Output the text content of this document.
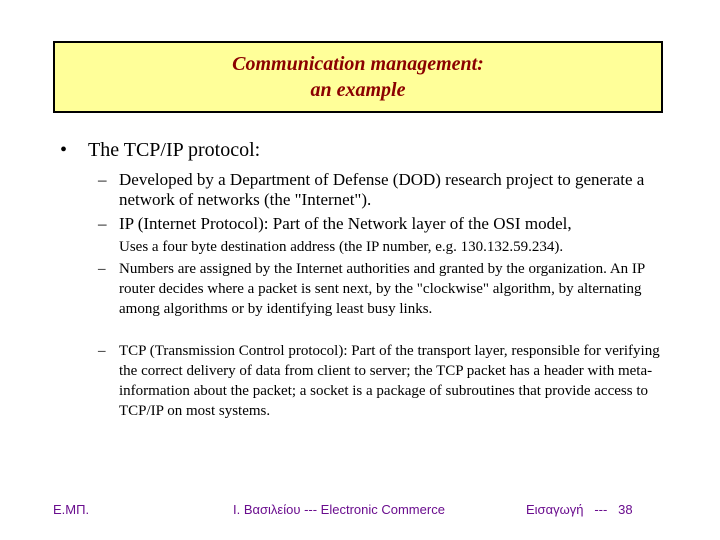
Communication management:
an example
• The TCP/IP protocol:
– Developed by a Department of Defense (DOD) research project to generate a network of networks (the "Internet").
– IP (Internet Protocol): Part of the Network layer of the OSI model,
Uses a four byte destination address (the IP number, e.g. 130.132.59.234).
– Numbers are assigned by the Internet authorities and granted by the organization. An IP router decides where a packet is sent next, by the "clockwise" algorithm, by alternating among algorithms or by identifying least busy links.
– TCP (Transmission Control protocol): Part of the transport layer, responsible for verifying the correct delivery of data from client to server; the TCP packet has a header with meta-information about the packet; a socket is a package of subroutines that provide access to TCP/IP on most systems.
Ε.ΜΠ.	Ι. Βασιλείου --- Electronic Commerce	Εισαγωγή   ---   38
